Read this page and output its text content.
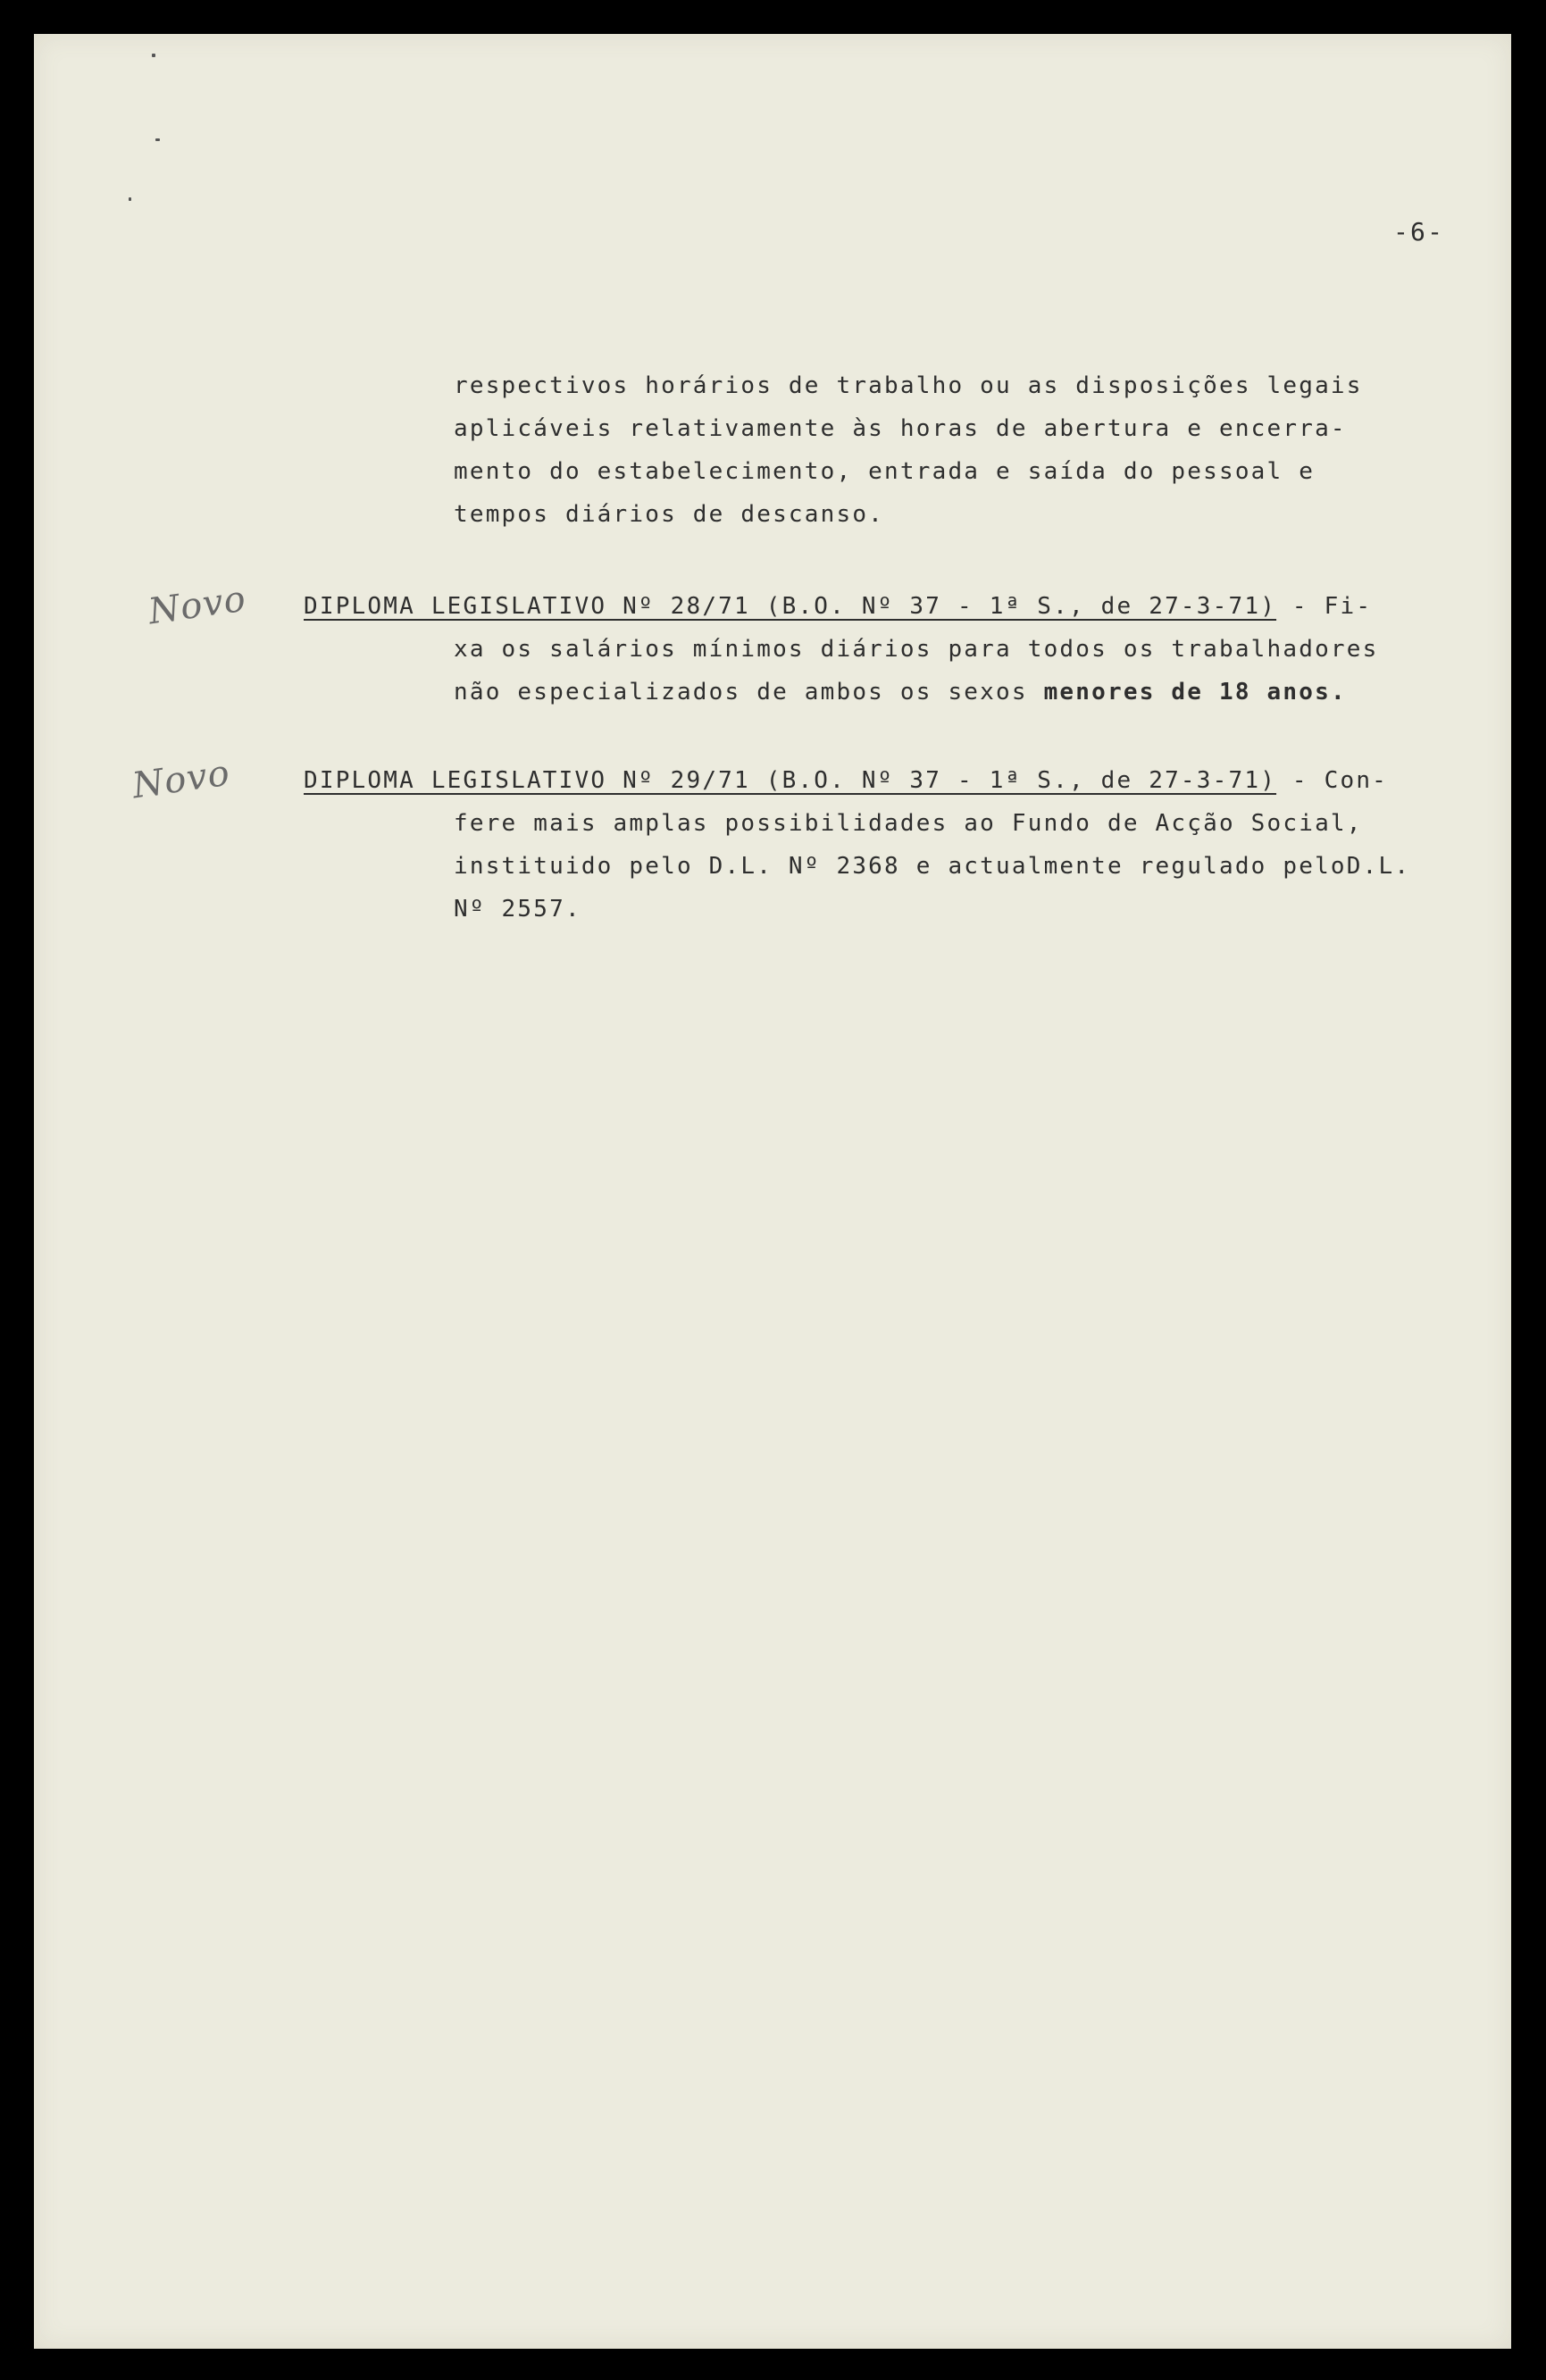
-6-
respectivos horários de trabalho ou as disposições legais
aplicáveis relativamente às horas de abertura e encerra-
mento do estabelecimento, entrada e saída do pessoal e
tempos diários de descanso.
Novo DIPLOMA LEGISLATIVO Nº 28/71 (B.O. Nº 37 - 1ª S., de 27-3-71) - Fi-
xa os salários mínimos diários para todos os trabalhadores
não especializados de ambos os sexos menores de 18 anos.
Novo	DIPLOMA LEGISLATIVO Nº 29/71 (B.O. Nº 37 - 1ª S., de 27-3-71) - Con-
fere mais amplas possibilidades ao Fundo de Acção Social,
instituido pelo D.L. Nº 2368 e actualmente regulado peloD.L.
Nº 2557.
